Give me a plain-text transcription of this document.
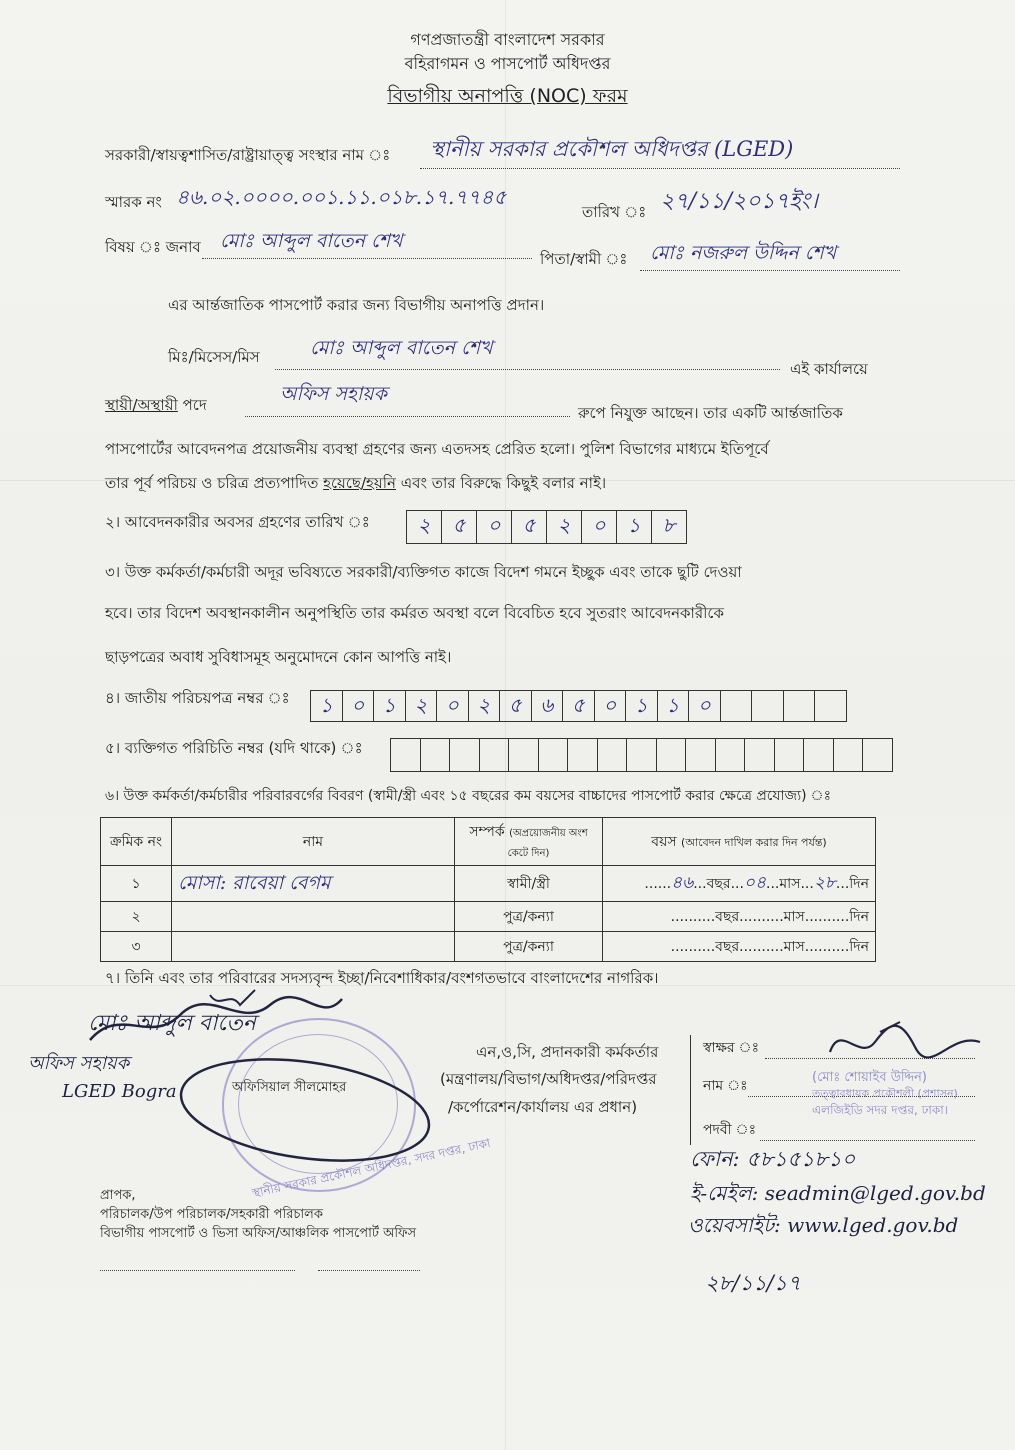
গণপ্রজাতন্ত্রী বাংলাদেশ সরকার
বহিরাগমন ও পাসপোর্ট অধিদপ্তর
বিভাগীয় অনাপত্তি (NOC) ফরম
সরকারী/স্বায়ত্বশাসিত/রাষ্ট্রায়াত্ত্ব সংস্থার নাম ঃ স্থানীয় সরকার প্রকৌশল অধিদপ্তর (LGED)
স্মারক নং ৪৬.০২.০০০০.০০১.১১.০১৮.১৭.৭৭৪৫
তারিখ ঃ ২৭/১১/২০১৭ইং।
বিষয় ঃ জনাব মোঃ আব্দুল বাতেন শেখ
পিতা/স্বামী ঃ মোঃ নজরুল উদ্দিন শেখ
এর আর্ন্তজাতিক পাসপোর্ট করার জন্য বিভাগীয় অনাপত্তি প্রদান।
মিঃ/মিসেস/মিস	মোঃ আব্দুল বাতেন শেখ
এই কার্যালয়ে
স্থায়ী/অস্থায়ী পদে	অফিস সহায়ক
রুপে নিযুক্ত আছেন। তার একটি আর্ন্তজাতিক
পাসপোর্টের আবেদনপত্র প্রয়োজনীয় ব্যবস্থা গ্রহণের জন্য এতদসহ প্রেরিত হলো। পুলিশ বিভাগের মাধ্যমে ইতিপূর্বে
তার পূর্ব পরিচয় ও চরিত্র প্রত্যপাদিত হয়েছে/হয়নি এবং তার বিরুদ্ধে কিছুই বলার নাই।
২। আবেদনকারীর অবসর গ্রহণের তারিখ ঃ	২	৫	০	৫	২	০	১	৮
৩। উক্ত কর্মকর্তা/কর্মচারী অদূর ভবিষ্যতে সরকারী/ব্যক্তিগত কাজে বিদেশ গমনে ইচ্ছুক এবং তাকে ছুটি দেওয়া
হবে। তার বিদেশ অবস্থানকালীন অনুপস্থিতি তার কর্মরত অবস্থা বলে বিবেচিত হবে সুতরাং আবেদনকারীকে
ছাড়পত্রের অবাধ সুবিধাসমূহ অনুমোদনে কোন আপত্তি নাই।
৪। জাতীয় পরিচয়পত্র নম্বর ঃ	১ ০ ১ ২ ০ ২ ৫ ৬ ৫ ০ ১ ১ ০
৫। ব্যক্তিগত পরিচিতি নম্বর (যদি থাকে) ঃ
৬। উক্ত কর্মকর্তা/কর্মচারীর পরিবারবর্গের বিবরণ (স্বামী/স্ত্রী এবং ১৫ বছরের কম বয়সের বাচ্চাদের পাসপোর্ট করার ক্ষেত্রে প্রযোজ্য) ঃ
ক্রমিক নং	নাম	সম্পর্ক (অপ্রয়োজনীয় অংশ কেটে দিন)	বয়স (আবেদন দাখিল করার দিন পর্যন্ত)
১	মোসা: রাবেয়া বেগম	স্বামী/স্ত্রী	......৪৬...বছর...০৪...মাস...২৮...দিন
২		পুত্র/কন্যা	..........বছর..........মাস..........দিন
৩		পুত্র/কন্যা	..........বছর..........মাস..........দিন
৭। তিনি এবং তার পরিবারের সদস্যবৃন্দ ইচ্ছা/নিবেশাধিকার/বংশগতভাবে বাংলাদেশের নাগরিক।
মোঃ আব্দুল বাতেন
অফিস সহায়ক
LGED Bogra
স্থানীয় সরকার প্রকৌশল অধিদপ্তর, সদর দপ্তর, ঢাকা
অফিসিয়াল সীলমোহর
এন,ও,সি, প্রদানকারী কর্মকর্তার
(মন্ত্রণালয়/বিভাগ/অধিদপ্তর/পরিদপ্তর
/কর্পোরেশন/কার্যালয় এর প্রধান)
স্বাক্ষর ঃ
নাম ঃ
(মোঃ শোয়াইব উদ্দিন)
তত্ত্বাবধায়ক প্রকৌশলী (প্রশাসন)
এলজিইডি সদর দপ্তর, ঢাকা।
পদবী ঃ
ফোন: ৫৮১৫১৮১০
ই-মেইল: seadmin@lged.gov.bd
ওয়েবসাইট: www.lged.gov.bd
২৮/১১/১৭
প্রাপক,
পরিচালক/উপ পরিচালক/সহকারী পরিচালক
বিভাগীয় পাসপোর্ট ও ভিসা অফিস/আঞ্চলিক পাসপোর্ট অফিস
